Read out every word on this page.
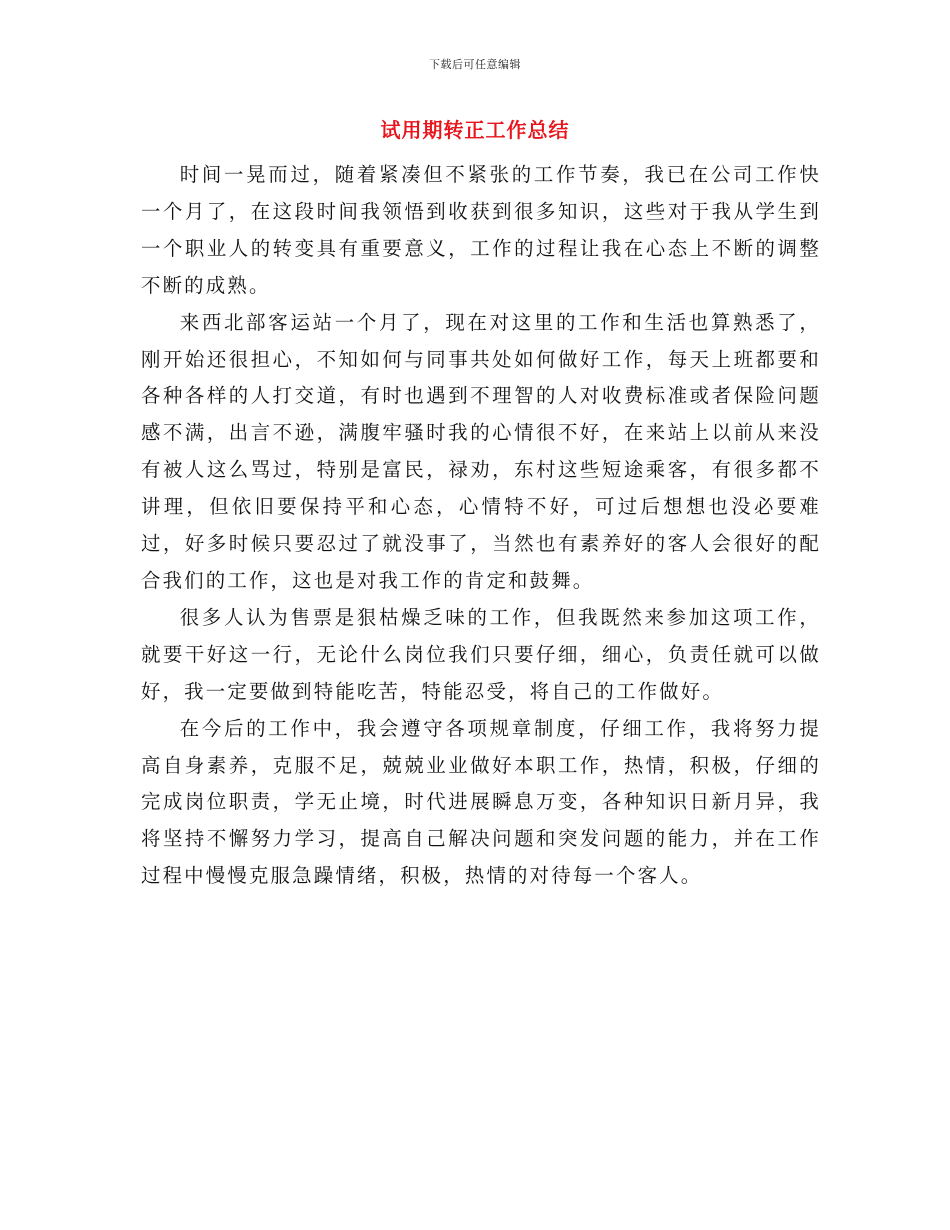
下载后可任意编辑
试用期转正工作总结

时间一晃而过，随着紧凑但不紧张的工作节奏，我已在公司工作快一个月了，在这段时间我领悟到收获到很多知识，这些对于我从学生到一个职业人的转变具有重要意义，工作的过程让我在心态上不断的调整不断的成熟。

来西北部客运站一个月了，现在对这里的工作和生活也算熟悉了，刚开始还很担心，不知如何与同事共处如何做好工作，每天上班都要和各种各样的人打交道，有时也遇到不理智的人对收费标准或者保险问题感不满，出言不逊，满腹牢骚时我的心情很不好，在来站上以前从来没有被人这么骂过，特别是富民，禄劝，东村这些短途乘客，有很多都不讲理，但依旧要保持平和心态，心情特不好，可过后想想也没必要难过，好多时候只要忍过了就没事了，当然也有素养好的客人会很好的配合我们的工作，这也是对我工作的肯定和鼓舞。

很多人认为售票是狠枯燥乏味的工作，但我既然来参加这项工作，就要干好这一行，无论什么岗位我们只要仔细，细心，负责任就可以做好，我一定要做到特能吃苦，特能忍受，将自己的工作做好。

在今后的工作中，我会遵守各项规章制度，仔细工作，我将努力提高自身素养，克服不足，兢兢业业做好本职工作，热情，积极，仔细的完成岗位职责，学无止境，时代进展瞬息万变，各种知识日新月异，我将坚持不懈努力学习，提高自己解决问题和突发问题的能力，并在工作过程中慢慢克服急躁情绪，积极，热情的对待每一个客人。
